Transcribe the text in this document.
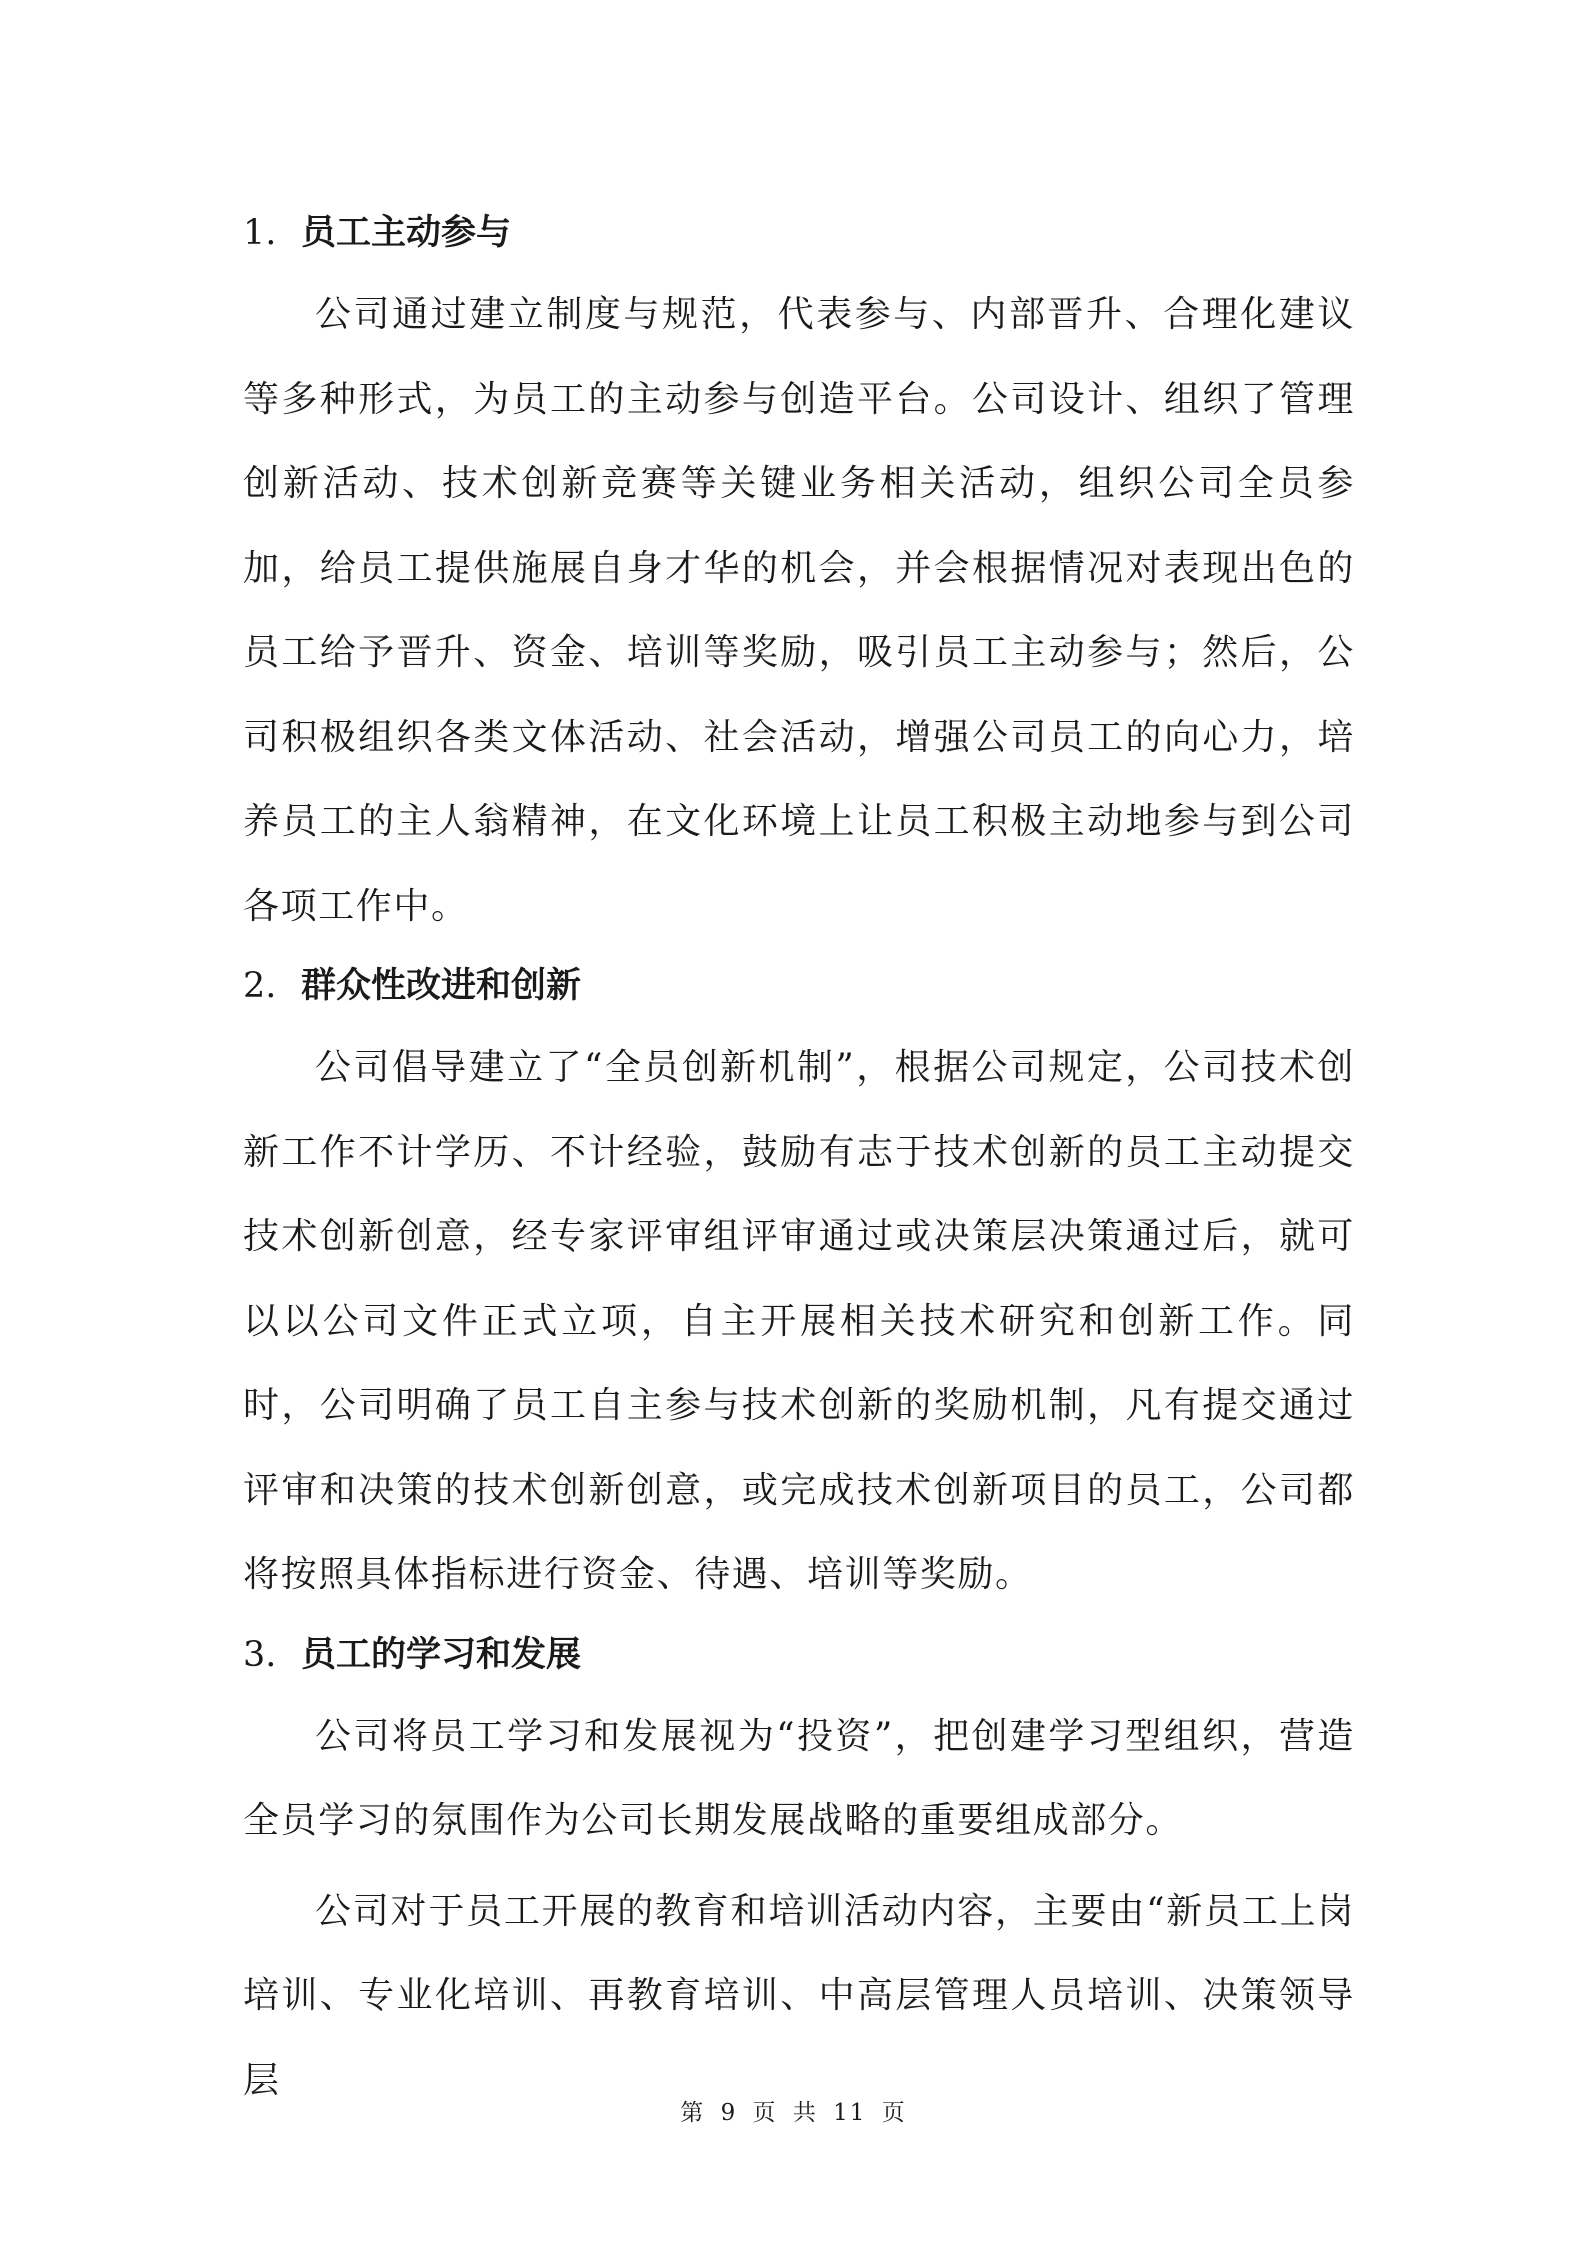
1. 员工主动参与

公司通过建立制度与规范，代表参与、内部晋升、合理化建议等多种形式，为员工的主动参与创造平台。公司设计、组织了管理创新活动、技术创新竞赛等关键业务相关活动，组织公司全员参加，给员工提供施展自身才华的机会，并会根据情况对表现出色的员工给予晋升、资金、培训等奖励，吸引员工主动参与；然后，公司积极组织各类文体活动、社会活动，增强公司员工的向心力，培养员工的主人翁精神，在文化环境上让员工积极主动地参与到公司各项工作中。

2. 群众性改进和创新

公司倡导建立了“全员创新机制”，根据公司规定，公司技术创新工作不计学历、不计经验，鼓励有志于技术创新的员工主动提交技术创新创意，经专家评审组评审通过或决策层决策通过后，就可以以公司文件正式立项，自主开展相关技术研究和创新工作。同时，公司明确了员工自主参与技术创新的奖励机制，凡有提交通过评审和决策的技术创新创意，或完成技术创新项目的员工，公司都将按照具体指标进行资金、待遇、培训等奖励。

3. 员工的学习和发展

公司将员工学习和发展视为“投资”，把创建学习型组织，营造全员学习的氛围作为公司长期发展战略的重要组成部分。

公司对于员工开展的教育和培训活动内容，主要由“新员工上岗培训、专业化培训、再教育培训、中高层管理人员培训、决策领导层

第 9 页 共 11 页
